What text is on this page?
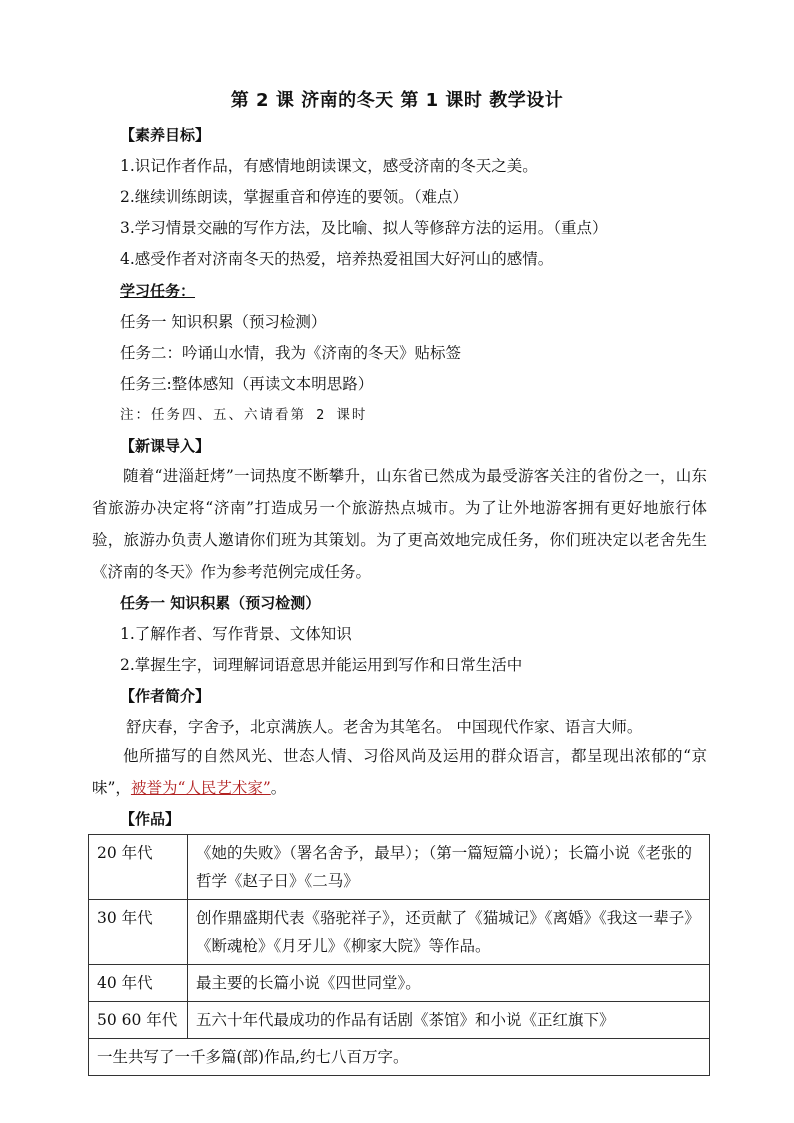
第 2 课 济南的冬天 第 1 课时 教学设计
【素养目标】
1.识记作者作品，有感情地朗读课文，感受济南的冬天之美。
2.继续训练朗读，掌握重音和停连的要领。（难点）
3.学习情景交融的写作方法，及比喻、拟人等修辞方法的运用。（重点）
4.感受作者对济南冬天的热爱，培养热爱祖国大好河山的感情。
学习任务：
任务一 知识积累（预习检测）
任务二：吟诵山水情，我为《济南的冬天》贴标签
任务三:整体感知（再读文本明思路）
注：任务四、五、六请看第 2 课时
【新课导入】
随着“进淄赶烤”一词热度不断攀升，山东省已然成为最受游客关注的省份之一，山东省旅游办决定将“济南”打造成另一个旅游热点城市。为了让外地游客拥有更好地旅行体验，旅游办负责人邀请你们班为其策划。为了更高效地完成任务，你们班决定以老舍先生《济南的冬天》作为参考范例完成任务。
任务一 知识积累（预习检测）
1.了解作者、写作背景、文体知识
2.掌握生字，词理解词语意思并能运用到写作和日常生活中
【作者简介】
舒庆春，字舍予，北京满族人。老舍为其笔名。 中国现代作家、语言大师。
他所描写的自然风光、世态人情、习俗风尚及运用的群众语言，都呈现出浓郁的“京味”，被誉为“人民艺术家”。
【作品】
20 年代	《她的失败》（署名舍予，最早）；（第一篇短篇小说）；长篇小说《老张的哲学《赵子日》《二马》
30 年代	创作鼎盛期代表《骆驼祥子》，还贡献了《猫城记》《离婚》《我这一辈子》《断魂枪》《月牙儿》《柳家大院》等作品。
40 年代	最主要的长篇小说《四世同堂》。
50 60 年代	五六十年代最成功的作品有话剧《茶馆》和小说《正红旗下》
一生共写了一千多篇(部)作品,约七八百万字。	
